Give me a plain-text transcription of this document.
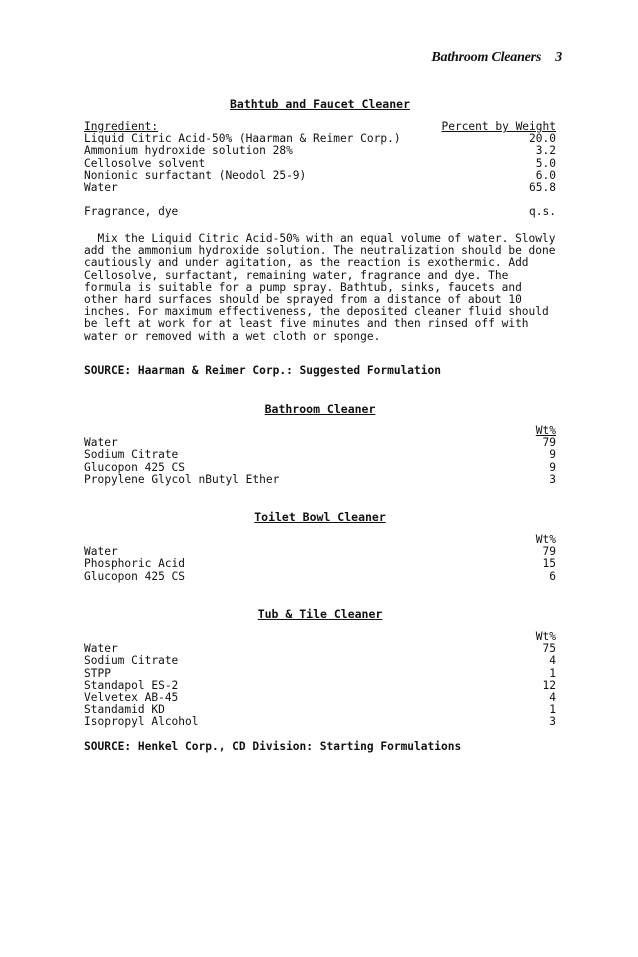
Bathroom Cleaners 3
Bathtub and Faucet Cleaner
Ingredient:	Percent by Weight
Liquid Citric Acid-50% (Haarman & Reimer Corp.)	20.0
Ammonium hydroxide solution 28%	3.2
Cellosolve solvent	5.0
Nonionic surfactant (Neodol 25-9)	6.0
Water	65.8
Fragrance, dye	q.s.

Mix the Liquid Citric Acid-50% with an equal volume of water. Slowly add the ammonium hydroxide solution. The neutralization should be done cautiously and under agitation, as the reaction is exothermic. Add Cellosolve, surfactant, remaining water, fragrance and dye. The formula is suitable for a pump spray. Bathtub, sinks, faucets and other hard surfaces should be sprayed from a distance of about 10 inches. For maximum effectiveness, the deposited cleaner fluid should be left at work for at least five minutes and then rinsed off with water or removed with a wet cloth or sponge.

SOURCE: Haarman & Reimer Corp.: Suggested Formulation
Bathroom Cleaner
Wt%
Water	79
Sodium Citrate	9
Glucopon 425 CS	9
Propylene Glycol nButyl Ether	3
Toilet Bowl Cleaner
Wt%
Water	79
Phosphoric Acid	15
Glucopon 425 CS	6
Tub & Tile Cleaner
Wt%
Water	75
Sodium Citrate	4
STPP	1
Standapol ES-2	12
Velvetex AB-45	4
Standamid KD	1
Isopropyl Alcohol	3
SOURCE: Henkel Corp., CD Division: Starting Formulations
